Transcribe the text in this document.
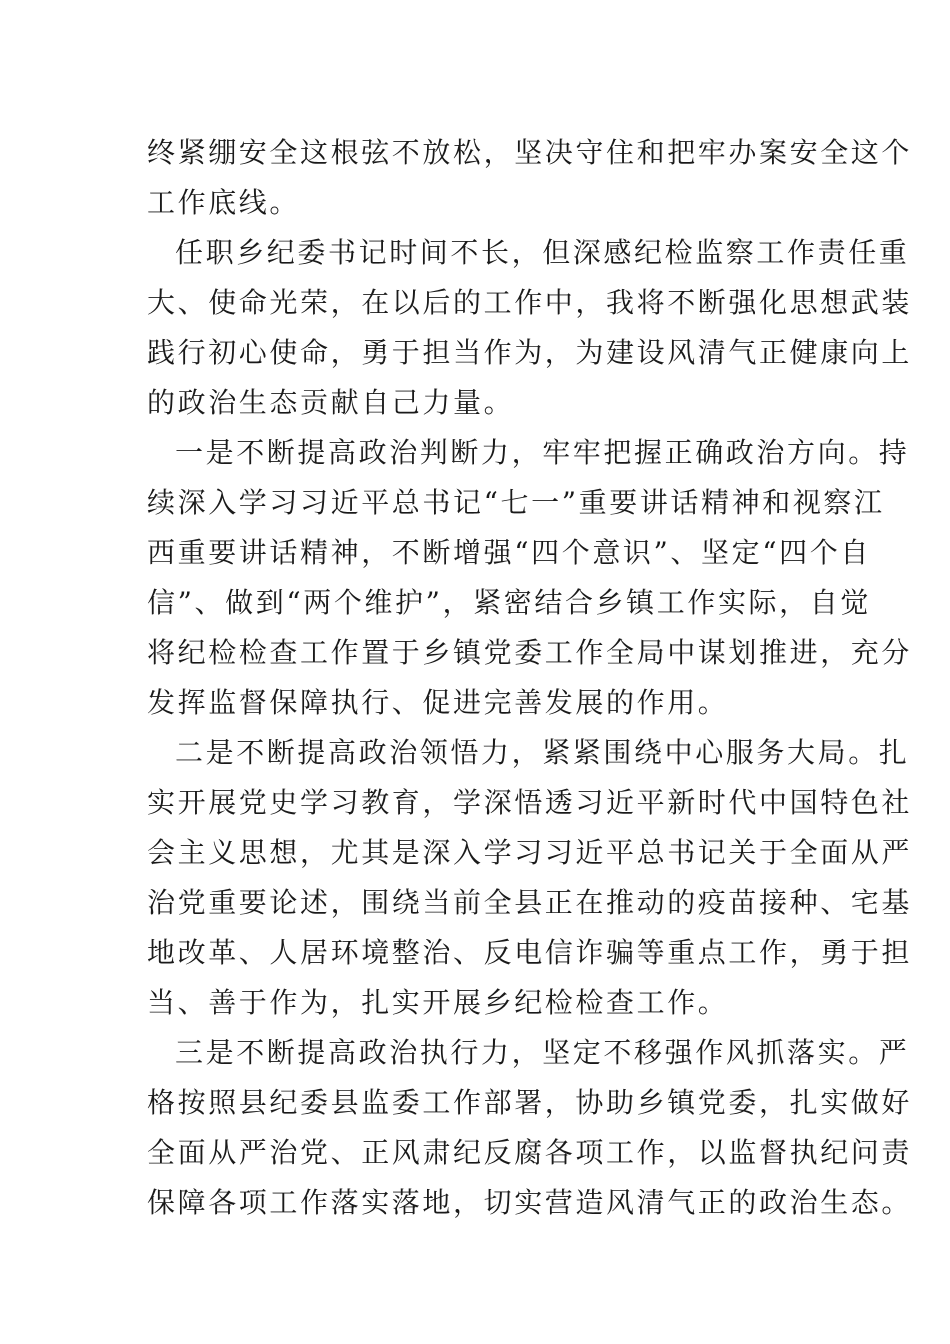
终紧绷安全这根弦不放松，坚决守住和把牢办案安全这个
工作底线。
任职乡纪委书记时间不长，但深感纪检监察工作责任重
大、使命光荣，在以后的工作中，我将不断强化思想武装
践行初心使命，勇于担当作为，为建设风清气正健康向上
的政治生态贡献自己力量。
一是不断提高政治判断力，牢牢把握正确政治方向。持
续深入学习习近平总书记“七一”重要讲话精神和视察江
西重要讲话精神，不断增强“四个意识”、坚定“四个自
信”、做到“两个维护”，紧密结合乡镇工作实际，自觉
将纪检检查工作置于乡镇党委工作全局中谋划推进，充分
发挥监督保障执行、促进完善发展的作用。
二是不断提高政治领悟力，紧紧围绕中心服务大局。扎
实开展党史学习教育，学深悟透习近平新时代中国特色社
会主义思想，尤其是深入学习习近平总书记关于全面从严
治党重要论述，围绕当前全县正在推动的疫苗接种、宅基
地改革、人居环境整治、反电信诈骗等重点工作，勇于担
当、善于作为，扎实开展乡纪检检查工作。
三是不断提高政治执行力，坚定不移强作风抓落实。严
格按照县纪委县监委工作部署，协助乡镇党委，扎实做好
全面从严治党、正风肃纪反腐各项工作，以监督执纪问责
保障各项工作落实落地，切实营造风清气正的政治生态。
